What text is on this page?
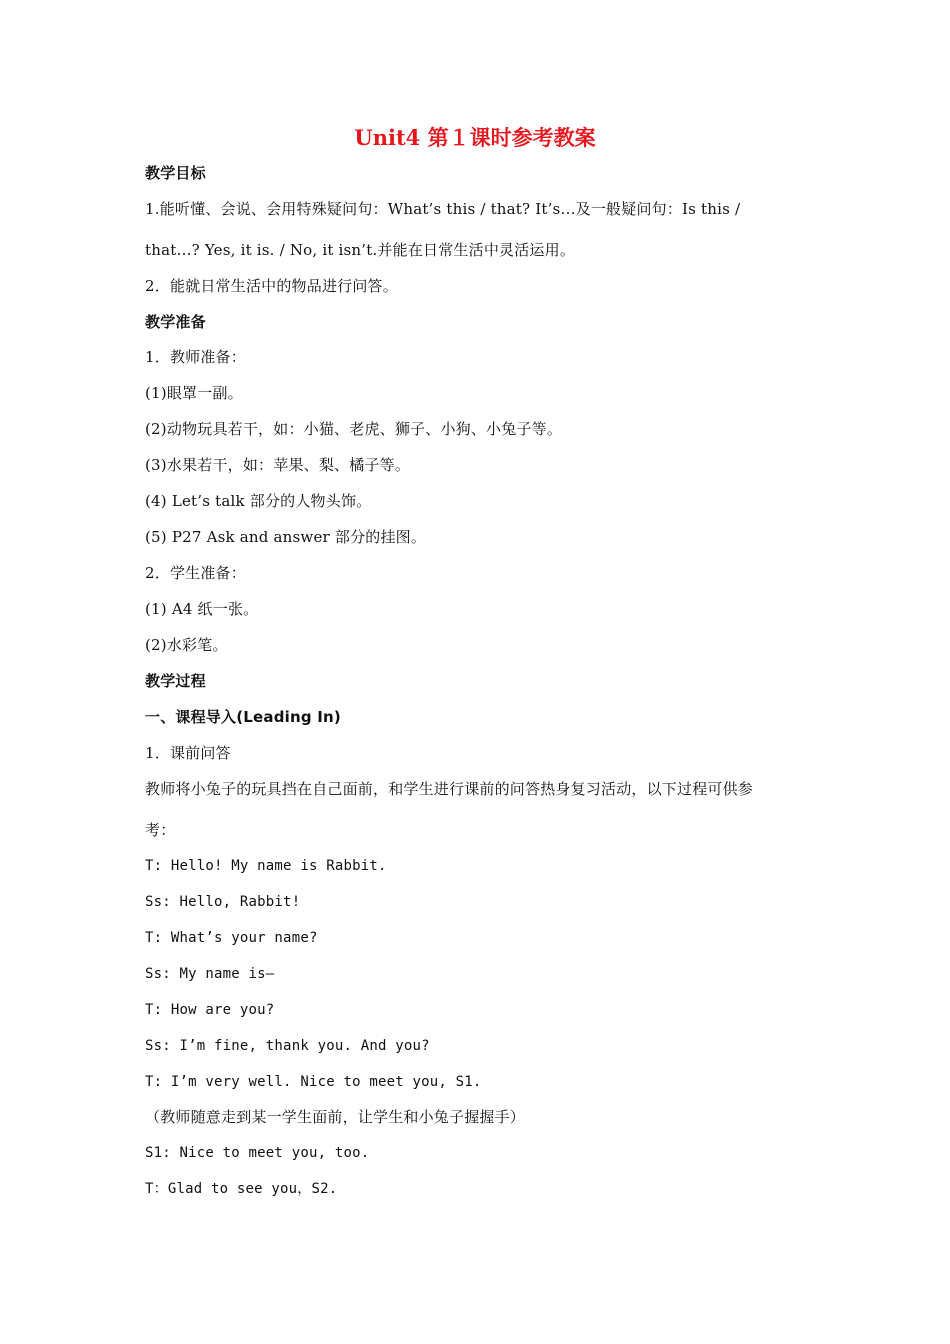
Unit4 第１课时参考教案
教学目标
1.能听懂、会说、会用特殊疑问句：What’s this / that? It’s…及一般疑问句：Is this /
that…? Yes, it is. / No, it isn’t.并能在日常生活中灵活运用。
2．能就日常生活中的物品进行问答。
教学准备
1．教师准备：
(1)眼罩一副。
(2)动物玩具若干，如：小猫、老虎、狮子、小狗、小兔子等。
(3)水果若干，如：苹果、梨、橘子等。
(4) Let’s talk 部分的人物头饰。
(5) P27 Ask and answer 部分的挂图。
2．学生准备：
(1) A4 纸一张。
(2)水彩笔。
教学过程
一、课程导入(Leading In)
1．课前问答
教师将小兔子的玩具挡在自己面前，和学生进行课前的问答热身复习活动，以下过程可供参
考：
T: Hello! My name is Rabbit.
Ss: Hello, Rabbit!
T: What’s your name?
Ss: My name is—
T: How are you?
Ss: I’m fine, thank you. And you?
T: I’m very well. Nice to meet you, S1.
（教师随意走到某一学生面前，让学生和小兔子握握手）
S1: Nice to meet you, too.
T：Glad to see you，S2.
